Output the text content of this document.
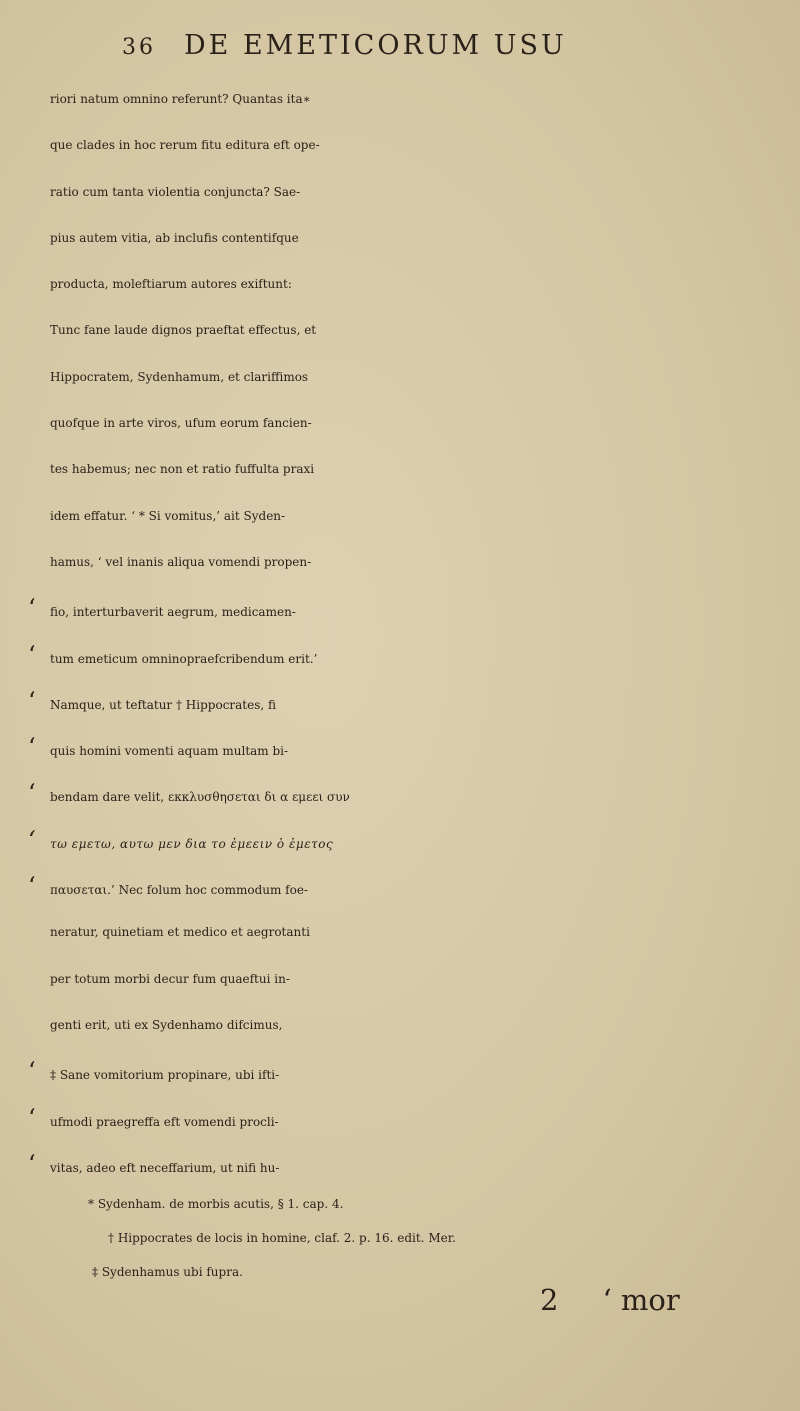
36 DE EMETICORUM USU
riori natum omnino referunt? Quantas ita∗
que clades in hoc rerum fitu editura eft ope-
ratio cum tanta violentia conjuncta? Sae-
pius autem vitia, ab inclufis contentifque
producta, moleftiarum autores exiftunt:
Tunc fane laude dignos praeftat effectus, et
Hippocratem, Sydenhamum, et clariffimos
quofque in arte viros, ufum eorum fancien-
tes habemus; nec non et ratio fuffulta praxi
idem effatur. ‘ * Si vomitus,’ ait Syden-
hamus, ‘ vel inanis aliqua vomendi propen-
‘ fio, interturbaverit aegrum, medicamen-
‘ tum emeticum omninopraefcribendum erit.’
‘ Namque, ut teftatur † Hippocrates, fi
‘ quis homini vomenti aquam multam bi-
‘ bendam dare velit, εκκλυσθησεται δι α εμεει συν
‘ τω εμετω, αυτω μεν δια το ἐμεειν ὁ ἐμετος
‘ παυσεται.’ Nec folum hoc commodum foe-
neratur, quinetiam et medico et aegrotanti
per totum morbi decur fum quaeftui in-
genti erit, uti ex Sydenhamo difcimus,
‘ ‡ Sane vomitorium propinare, ubi ifti-
‘ ufmodi praegreffa eft vomendi procli-
‘ vitas, adeo eft neceffarium, ut nifi hu-
* Sydenham. de morbis acutis, § 1. cap. 4.
† Hippocrates de locis in homine, claf. 2. p. 16. edit. Mer.
‡ Sydenhamus ubi fupra.
2 ‘ mor
